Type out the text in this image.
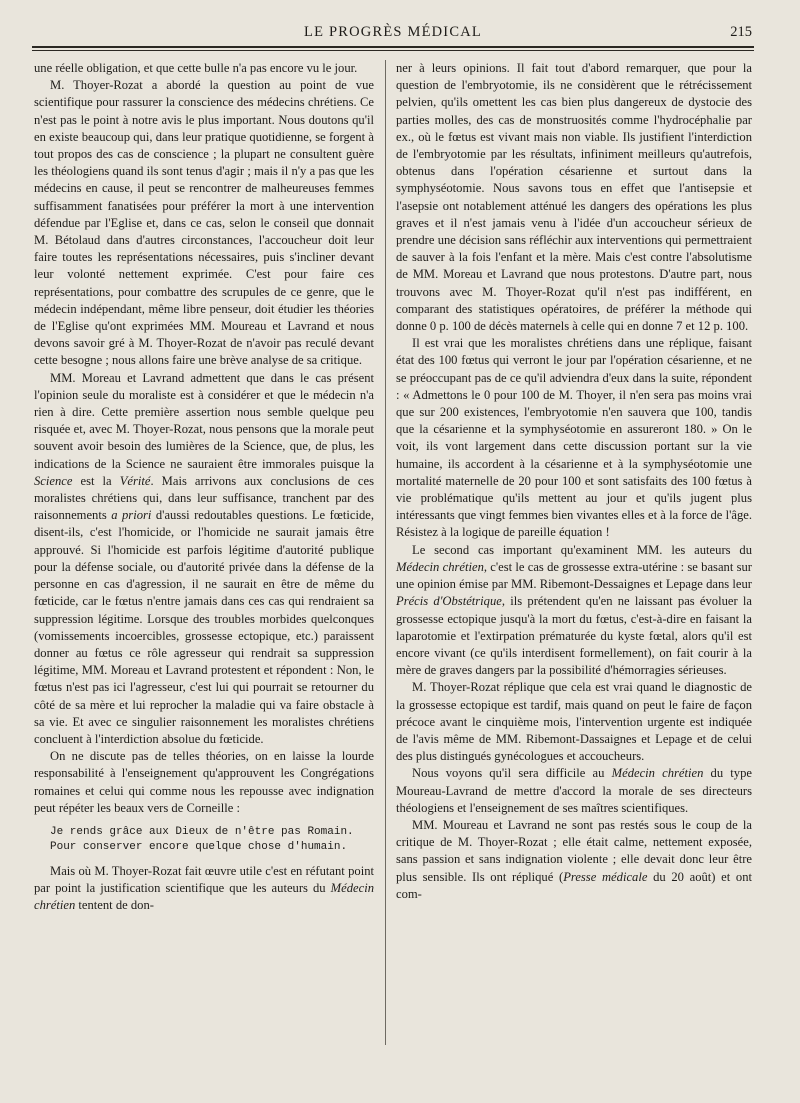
LE PROGRÈS MÉDICAL	215

une réelle obligation, et que cette bulle n'a pas encore vu le jour.

M. Thoyer-Rozat a abordé la question au point de vue scientifique pour rassurer la conscience des médecins chrétiens. Ce n'est pas le point à notre avis le plus important. Nous doutons qu'il en existe beaucoup qui, dans leur pratique quotidienne, se forgent à tout propos des cas de conscience ; la plupart ne consultent guère les théologiens quand ils sont tenus d'agir ; mais il n'y a pas que les médecins en cause, il peut se rencontrer de malheureuses femmes suffisamment fanatisées pour préférer la mort à une intervention défendue par l'Eglise et, dans ce cas, selon le conseil que donnait M. Bétolaud dans d'autres circonstances, l'accoucheur doit leur faire toutes les représentations nécessaires, puis s'incliner devant leur volonté nettement exprimée. C'est pour faire ces représentations, pour combattre des scrupules de ce genre, que le médecin indépendant, même libre penseur, doit étudier les théories de l'Eglise qu'ont exprimées MM. Moureau et Lavrand et nous devons savoir gré à M. Thoyer-Rozat de n'avoir pas reculé devant cette besogne ; nous allons faire une brève analyse de sa critique.

MM. Moreau et Lavrand admettent que dans le cas présent l'opinion seule du moraliste est à considérer et que le médecin n'a rien à dire. Cette première assertion nous semble quelque peu risquée et, avec M. Thoyer-Rozat, nous pensons que la morale peut souvent avoir besoin des lumières de la Science, que, de plus, les indications de la Science ne sauraient être immorales puisque la Science est la Vérité. Mais arrivons aux conclusions de ces moralistes chrétiens qui, dans leur suffisance, tranchent par des raisonnements a priori d'aussi redoutables questions. Le fœticide, disent-ils, c'est l'homicide, or l'homicide ne saurait jamais être approuvé. Si l'homicide est parfois légitime d'autorité publique pour la défense sociale, ou d'autorité privée dans la défense de la personne en cas d'agression, il ne saurait en être de même du fœticide, car le fœtus n'entre jamais dans ces cas qui rendraient sa suppression légitime. Lorsque des troubles morbides quelconques (vomissements incoercibles, grossesse ectopique, etc.) paraissent donner au fœtus ce rôle agresseur qui rendrait sa suppression légitime, MM. Moreau et Lavrand protestent et répondent : Non, le fœtus n'est pas ici l'agresseur, c'est lui qui pourrait se retourner du côté de sa mère et lui reprocher la maladie qui va faire obstacle à sa vie. Et avec ce singulier raisonnement les moralistes chrétiens concluent à l'interdiction absolue du fœticide.

On ne discute pas de telles théories, on en laisse la lourde responsabilité à l'enseignement qu'approuvent les Congrégations romaines et celui qui comme nous les repousse avec indignation peut répéter les beaux vers de Corneille :

Je rends grâce aux Dieux de n'être pas Romain.
Pour conserver encore quelque chose d'humain.

Mais où M. Thoyer-Rozat fait œuvre utile c'est en réfutant point par point la justification scientifique que les auteurs du Médecin chrétien tentent de don-

ner à leurs opinions. Il fait tout d'abord remarquer, que pour la question de l'embryotomie, ils ne considèrent que le rétrécissement pelvien, qu'ils omettent les cas bien plus dangereux de dystocie des parties molles, des cas de monstruosités comme l'hydrocéphalie par ex., où le fœtus est vivant mais non viable. Ils justifient l'interdiction de l'embryotomie par les résultats, infiniment meilleurs qu'autrefois, obtenus dans l'opération césarienne et surtout dans la symphyséotomie. Nous savons tous en effet que l'antisepsie et l'asepsie ont notablement atténué les dangers des opérations les plus graves et il n'est jamais venu à l'idée d'un accoucheur sérieux de prendre une décision sans réfléchir aux interventions qui permettraient de sauver à la fois l'enfant et la mère. Mais c'est contre l'absolutisme de MM. Moreau et Lavrand que nous protestons. D'autre part, nous trouvons avec M. Thoyer-Rozat qu'il n'est pas indifférent, en comparant des statistiques opératoires, de préférer la méthode qui donne 0 p. 100 de décès maternels à celle qui en donne 7 et 12 p. 100.

Il est vrai que les moralistes chrétiens dans une réplique, faisant état des 100 fœtus qui verront le jour par l'opération césarienne, et ne se préoccupant pas de ce qu'il adviendra d'eux dans la suite, répondent : « Admettons le 0 pour 100 de M. Thoyer, il n'en sera pas moins vrai que sur 200 existences, l'embryotomie n'en sauvera que 100, tandis que la césarienne et la symphyséotomie en assureront 180. » On le voit, ils vont largement dans cette discussion portant sur la vie humaine, ils accordent à la césarienne et à la symphyséotomie une mortalité maternelle de 20 pour 100 et sont satisfaits des 100 fœtus à vie problématique qu'ils mettent au jour et qu'ils jugent plus intéressants que vingt femmes bien vivantes elles et à la force de l'âge. Résistez à la logique de pareille équation !

Le second cas important qu'examinent MM. les auteurs du Médecin chrétien, c'est le cas de grossesse extra-utérine : se basant sur une opinion émise par MM. Ribemont-Dessaignes et Lepage dans leur Précis d'Obstétrique, ils prétendent qu'en ne laissant pas évoluer la grossesse ectopique jusqu'à la mort du fœtus, c'est-à-dire en faisant la laparotomie et l'extirpation prématurée du kyste fœtal, alors qu'il est encore vivant (ce qu'ils interdisent formellement), on fait courir à la mère de graves dangers par la possibilité d'hémorragies sérieuses.

M. Thoyer-Rozat réplique que cela est vrai quand le diagnostic de la grossesse ectopique est tardif, mais quand on peut le faire de façon précoce avant le cinquième mois, l'intervention urgente est indiquée de l'avis même de MM. Ribemont-Dassaignes et Lepage et de celui des plus distingués gynécologues et accoucheurs.

Nous voyons qu'il sera difficile au Médecin chrétien du type Moureau-Lavrand de mettre d'accord la morale de ses directeurs théologiens et l'enseignement de ses maîtres scientifiques.

MM. Moureau et Lavrand ne sont pas restés sous le coup de la critique de M. Thoyer-Rozat ; elle était calme, nettement exposée, sans passion et sans indignation violente ; elle devait donc leur être plus sensible. Ils ont répliqué (Presse médicale du 20 août) et ont com-
